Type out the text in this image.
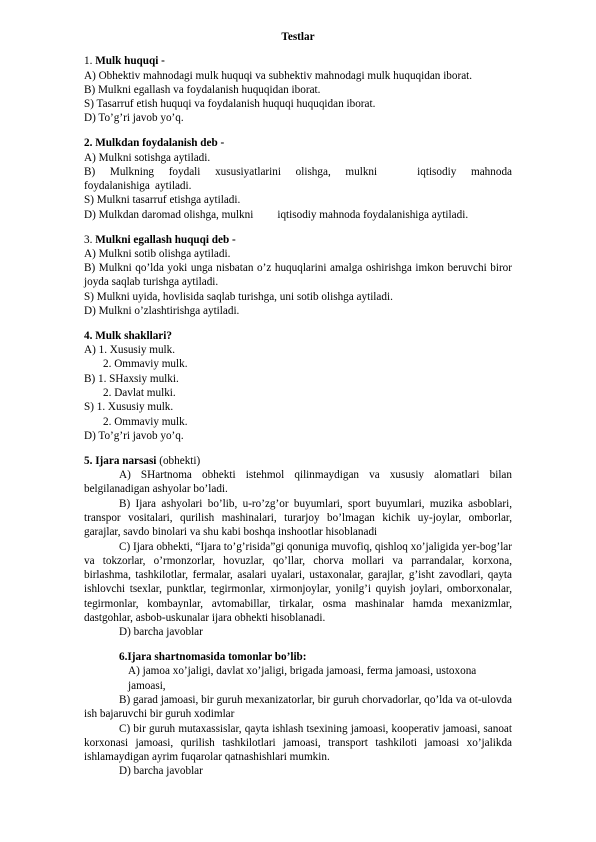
Testlar

1. Mulk huquqi -

A) Obhektiv mahnodagi mulk huquqi va subhektiv mahnodagi mulk huquqidan iborat.

B) Mulkni egallash va foydalanish huquqidan iborat.

S) Tasarruf etish huquqi va foydalanish huquqi huquqidan iborat.

D) To’g’ri javob yo’q.

2. Mulkdan foydalanish deb -

A) Mulkni sotishga aytiladi.

B) Mulkning foydali xususiyatlarini olishga, mulkni	iqtisodiy mahnoda foydalanishiga aytiladi.

S) Mulkni tasarruf etishga aytiladi.

D) Mulkdan daromad olishga, mulkni iqtisodiy mahnoda foydalanishiga aytiladi.

3. Mulkni egallash huquqi deb -

A) Mulkni sotib olishga aytiladi.

B) Mulkni qo’lda yoki unga nisbatan o’z huquqlarini amalga oshirishga imkon beruvchi biror joyda saqlab turishga aytiladi.

S) Mulkni uyida, hovlisida saqlab turishga, uni sotib olishga aytiladi.

D) Mulkni o’zlashtirishga aytiladi.

4. Mulk shakllari?

A) 1. Xususiy mulk.

2. Ommaviy mulk.

B) 1. SHaxsiy mulki.

2. Davlat mulki.

S) 1. Xususiy mulk.

2. Ommaviy mulk.

D) To’g’ri javob yo’q.

5. Ijara narsasi (obhekti)

A) SHartnoma obhekti istehmol qilinmaydigan va xususiy alomatlari bilan belgilanadigan ashyolar bo’ladi.

B) Ijara ashyolari bo’lib, u-ro’zg’or buyumlari, sport buyumlari, muzika asboblari, transpor vositalari, qurilish mashinalari, turarjoy bo’lmagan kichik uy-joylar, omborlar, garajlar, savdo binolari va shu kabi boshqa inshootlar hisoblanadi

C) Ijara obhekti, “Ijara to’g’risida”gi qonuniga muvofiq, qishloq xo’jaligida yer-bog’lar va tokzorlar, o’rmonzorlar, hovuzlar, qo’llar, chorva mollari va parrandalar, korxona, birlashma, tashkilotlar, fermalar, asalari uyalari, ustaxonalar, garajlar, g’isht zavodlari, qayta ishlovchi tsexlar, punktlar, tegirmonlar, xirmonjoylar, yonilg’i quyish joylari, omborxonalar, tegirmonlar, kombaynlar, avtomabillar, tirkalar, osma mashinalar hamda mexanizmlar, dastgohlar, asbob-uskunalar ijara obhekti hisoblanadi.

D) barcha javoblar

6.Ijara shartnomasida tomonlar bo’lib:

A) jamoa xo’jaligi, davlat xo’jaligi, brigada jamoasi, ferma jamoasi, ustoxona jamoasi,

B) garad jamoasi, bir guruh mexanizatorlar, bir guruh chorvadorlar, qo’lda va ot-ulovda ish bajaruvchi bir guruh xodimlar

C) bir guruh mutaxassislar, qayta ishlash tsexining jamoasi, kooperativ jamoasi, sanoat korxonasi jamoasi, qurilish tashkilotlari jamoasi, transport tashkiloti jamoasi xo’jalikda ishlamaydigan ayrim fuqarolar qatnashishlari mumkin.

D) barcha javoblar
